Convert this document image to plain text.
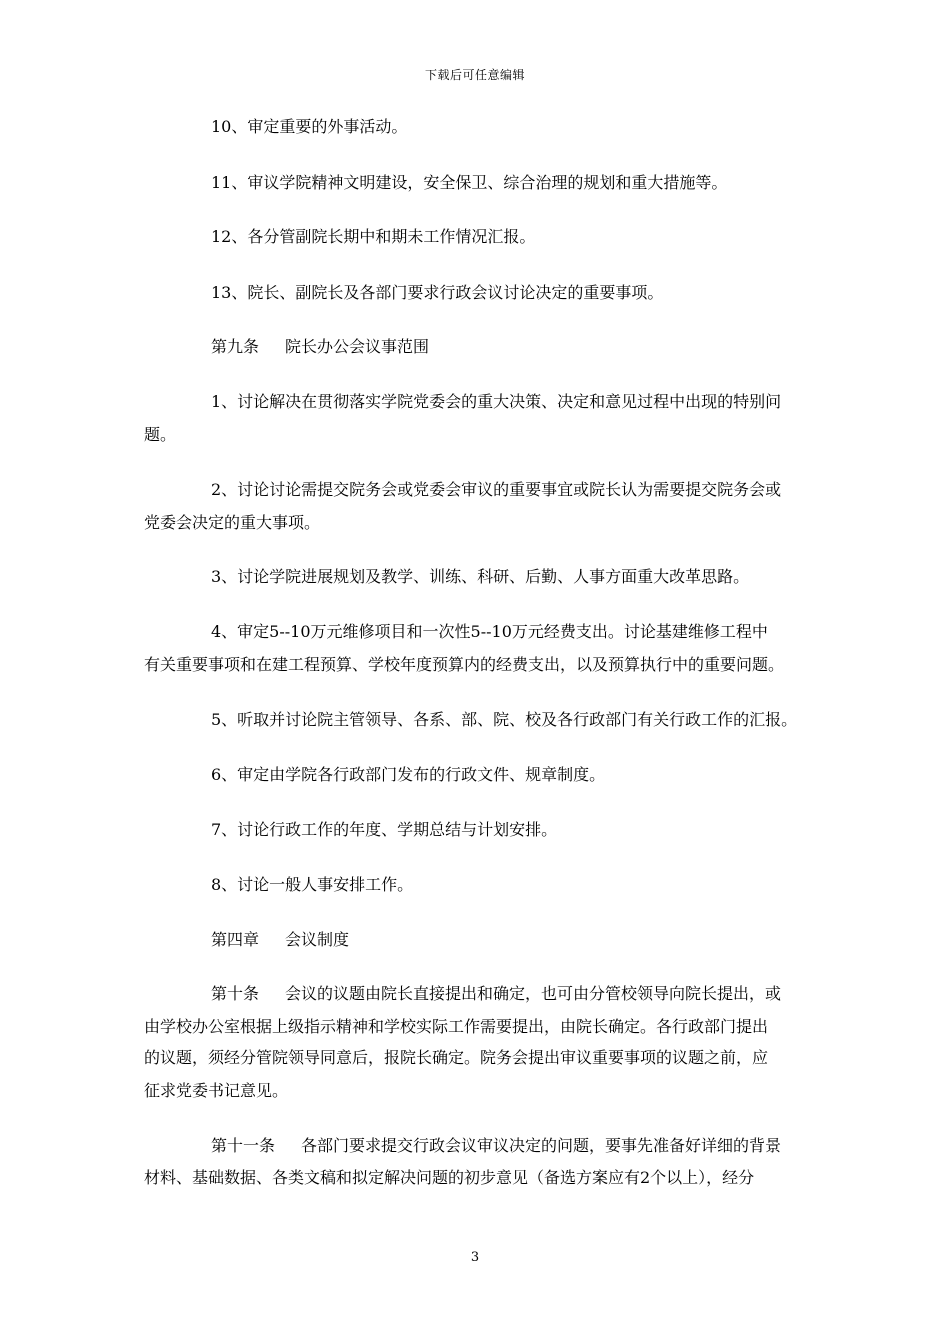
下载后可任意编辑
10、审定重要的外事活动。
11、审议学院精神文明建设，安全保卫、综合治理的规划和重大措施等。
12、各分管副院长期中和期未工作情况汇报。
13、院长、副院长及各部门要求行政会议讨论决定的重要事项。
第九条 院长办公会议事范围
1、讨论解决在贯彻落实学院党委会的重大决策、决定和意见过程中出现的特别问
题。
2、讨论讨论需提交院务会或党委会审议的重要事宜或院长认为需要提交院务会或
党委会决定的重大事项。
3、讨论学院进展规划及教学、训练、科研、后勤、人事方面重大改革思路。
4、审定5--10万元维修项目和一次性5--10万元经费支出。讨论基建维修工程中
有关重要事项和在建工程预算、学校年度预算内的经费支出，以及预算执行中的重要问题。
5、听取并讨论院主管领导、各系、部、院、校及各行政部门有关行政工作的汇报。
6、审定由学院各行政部门发布的行政文件、规章制度。
7、讨论行政工作的年度、学期总结与计划安排。
8、讨论一般人事安排工作。
第四章 会议制度
第十条 会议的议题由院长直接提出和确定，也可由分管校领导向院长提出，或
由学校办公室根据上级指示精神和学校实际工作需要提出，由院长确定。各行政部门提出
的议题，须经分管院领导同意后，报院长确定。院务会提出审议重要事项的议题之前，应
征求党委书记意见。
第十一条 各部门要求提交行政会议审议决定的问题，要事先准备好详细的背景
材料、基础数据、各类文稿和拟定解决问题的初步意见（备选方案应有2个以上），经分
3
